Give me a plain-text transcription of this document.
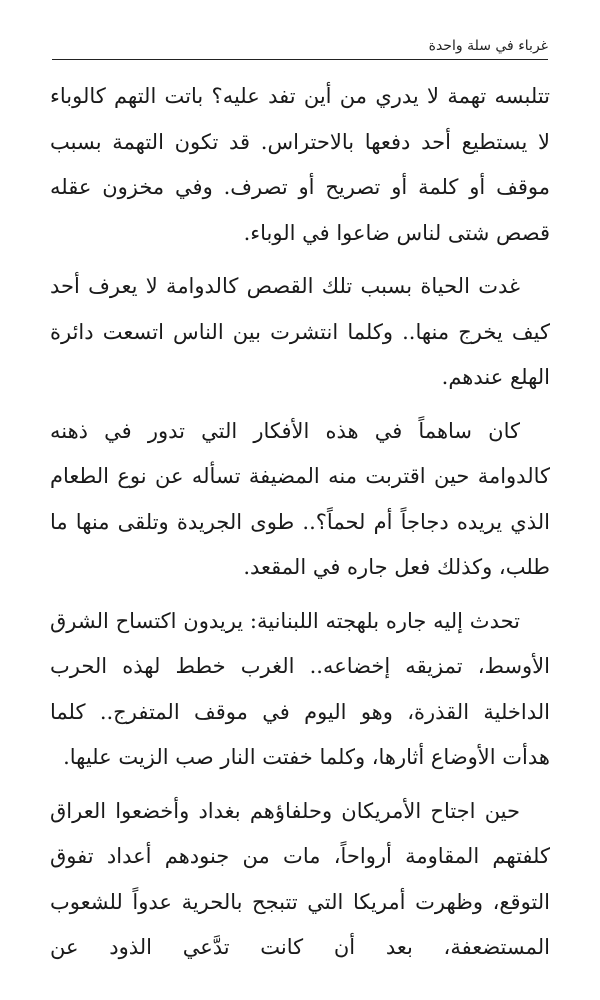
غرباء في سلة واحدة

تتلبسه تهمة لا يدري من أين تفد عليه؟ باتت التهم كالوباء لا يستطيع أحد دفعها بالاحتراس. قد تكون التهمة بسبب موقف أو كلمة أو تصريح أو تصرف. وفي مخزون عقله قصص شتى لناس ضاعوا في الوباء.

غدت الحياة بسبب تلك القصص كالدوامة لا يعرف أحد كيف يخرج منها.. وكلما انتشرت بين الناس اتسعت دائرة الهلع عندهم.

كان ساهماً في هذه الأفكار التي تدور في ذهنه كالدوامة حين اقتربت منه المضيفة تسأله عن نوع الطعام الذي يريده دجاجاً أم لحماً؟.. طوى الجريدة وتلقى منها ما طلب، وكذلك فعل جاره في المقعد.

تحدث إليه جاره بلهجته اللبنانية: يريدون اكتساح الشرق الأوسط، تمزيقه إخضاعه.. الغرب خطط لهذه الحرب الداخلية القذرة، وهو اليوم في موقف المتفرج.. كلما هدأت الأوضاع أثارها، وكلما خفتت النار صب الزيت عليها.

حين اجتاح الأمريكان وحلفاؤهم بغداد وأخضعوا العراق كلفتهم المقاومة أرواحاً، مات من جنودهم أعداد تفوق التوقع، وظهرت أمريكا التي تتبجح بالحرية عدواً للشعوب المستضعفة، بعد أن كانت تدَّعي الذود عن
